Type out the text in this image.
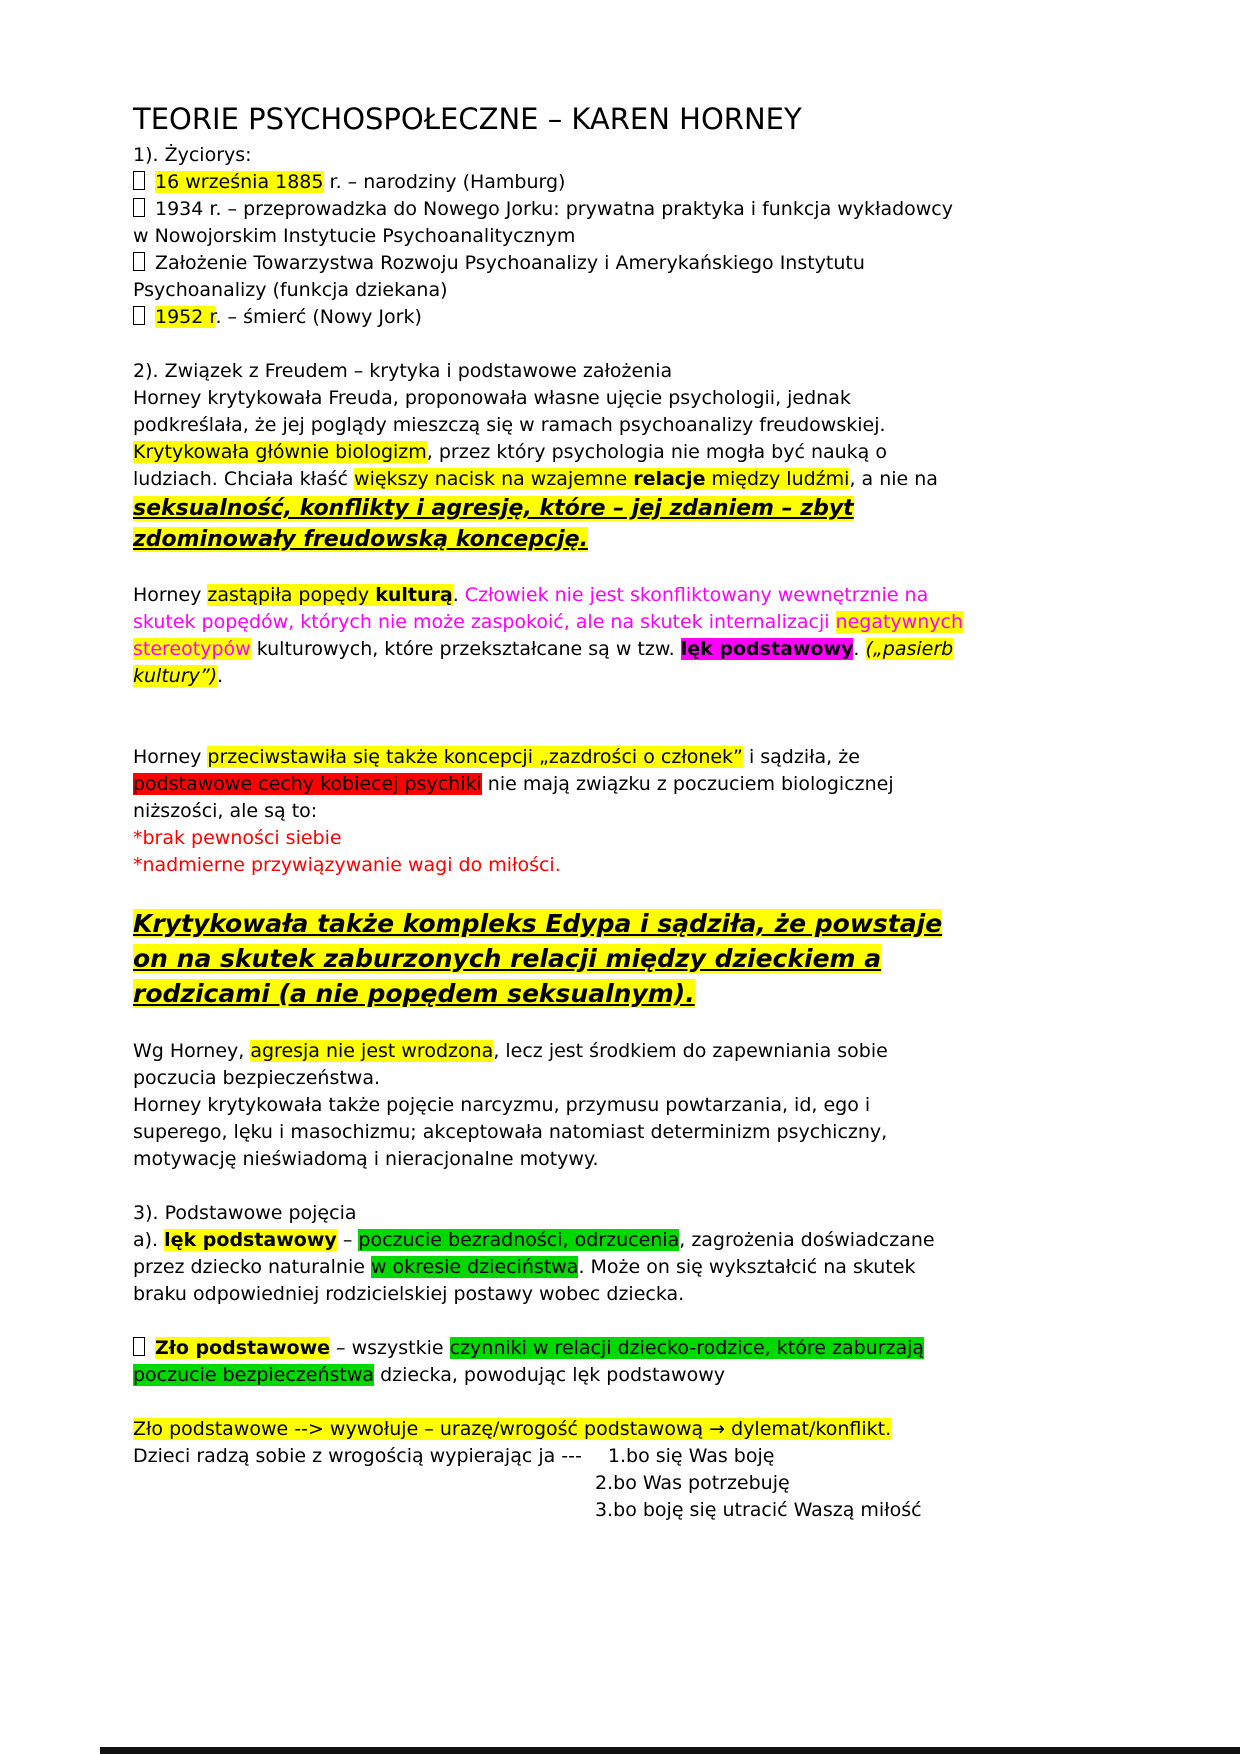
TEORIE PSYCHOSPOŁECZNE – KAREN HORNEY

1). Życiorys:

16 września 1885 r. – narodziny (Hamburg)

1934 r. – przeprowadzka do Nowego Jorku: prywatna praktyka i funkcja wykładowcy w Nowojorskim Instytucie Psychoanalitycznym

Założenie Towarzystwa Rozwoju Psychoanalizy i Amerykańskiego Instytutu Psychoanalizy (funkcja dziekana)

1952 r. – śmierć (Nowy Jork)

2). Związek z Freudem – krytyka i podstawowe założenia

Horney krytykowała Freuda, proponowała własne ujęcie psychologii, jednak podkreślała, że jej poglądy mieszczą się w ramach psychoanalizy freudowskiej. Krytykowała głównie biologizm, przez który psychologia nie mogła być nauką o ludziach. Chciała kłaść większy nacisk na wzajemne relacje między ludźmi, a nie na seksualność, konflikty i agresję, które – jej zdaniem – zbyt zdominowały freudowską koncepcję.

Horney zastąpiła popędy kulturą. Człowiek nie jest skonfliktowany wewnętrznie na skutek popędów, których nie może zaspokoić, ale na skutek internalizacji negatywnych stereotypów kulturowych, które przekształcane są w tzw. lęk podstawowy. („pasierb kultury”).

Horney przeciwstawiła się także koncepcji „zazdrości o członek” i sądziła, że podstawowe cechy kobiecej psychiki nie mają związku z poczuciem biologicznej niższości, ale są to:

*brak pewności siebie

*nadmierne przywiązywanie wagi do miłości.

Krytykowała także kompleks Edypa i sądziła, że powstaje on na skutek zaburzonych relacji między dzieckiem a rodzicami (a nie popędem seksualnym).

Wg Horney, agresja nie jest wrodzona, lecz jest środkiem do zapewniania sobie poczucia bezpieczeństwa.

Horney krytykowała także pojęcie narcyzmu, przymusu powtarzania, id, ego i superego, lęku i masochizmu; akceptowała natomiast determinizm psychiczny, motywację nieświadomą i nieracjonalne motywy.

3). Podstawowe pojęcia

a). lęk podstawowy – poczucie bezradności, odrzucenia, zagrożenia doświadczane przez dziecko naturalnie w okresie dzieciństwa. Może on się wykształcić na skutek braku odpowiedniej rodzicielskiej postawy wobec dziecka.

Zło podstawowe – wszystkie czynniki w relacji dziecko-rodzice, które zaburzają poczucie bezpieczeństwa dziecka, powodując lęk podstawowy

Zło podstawowe --> wywołuje – urazę/wrogość podstawową → dylemat/konflikt.

Dzieci radzą sobie z wrogością wypierając ja --- 1.bo się Was boję

2.bo Was potrzebuję

3.bo boję się utracić Waszą miłość
